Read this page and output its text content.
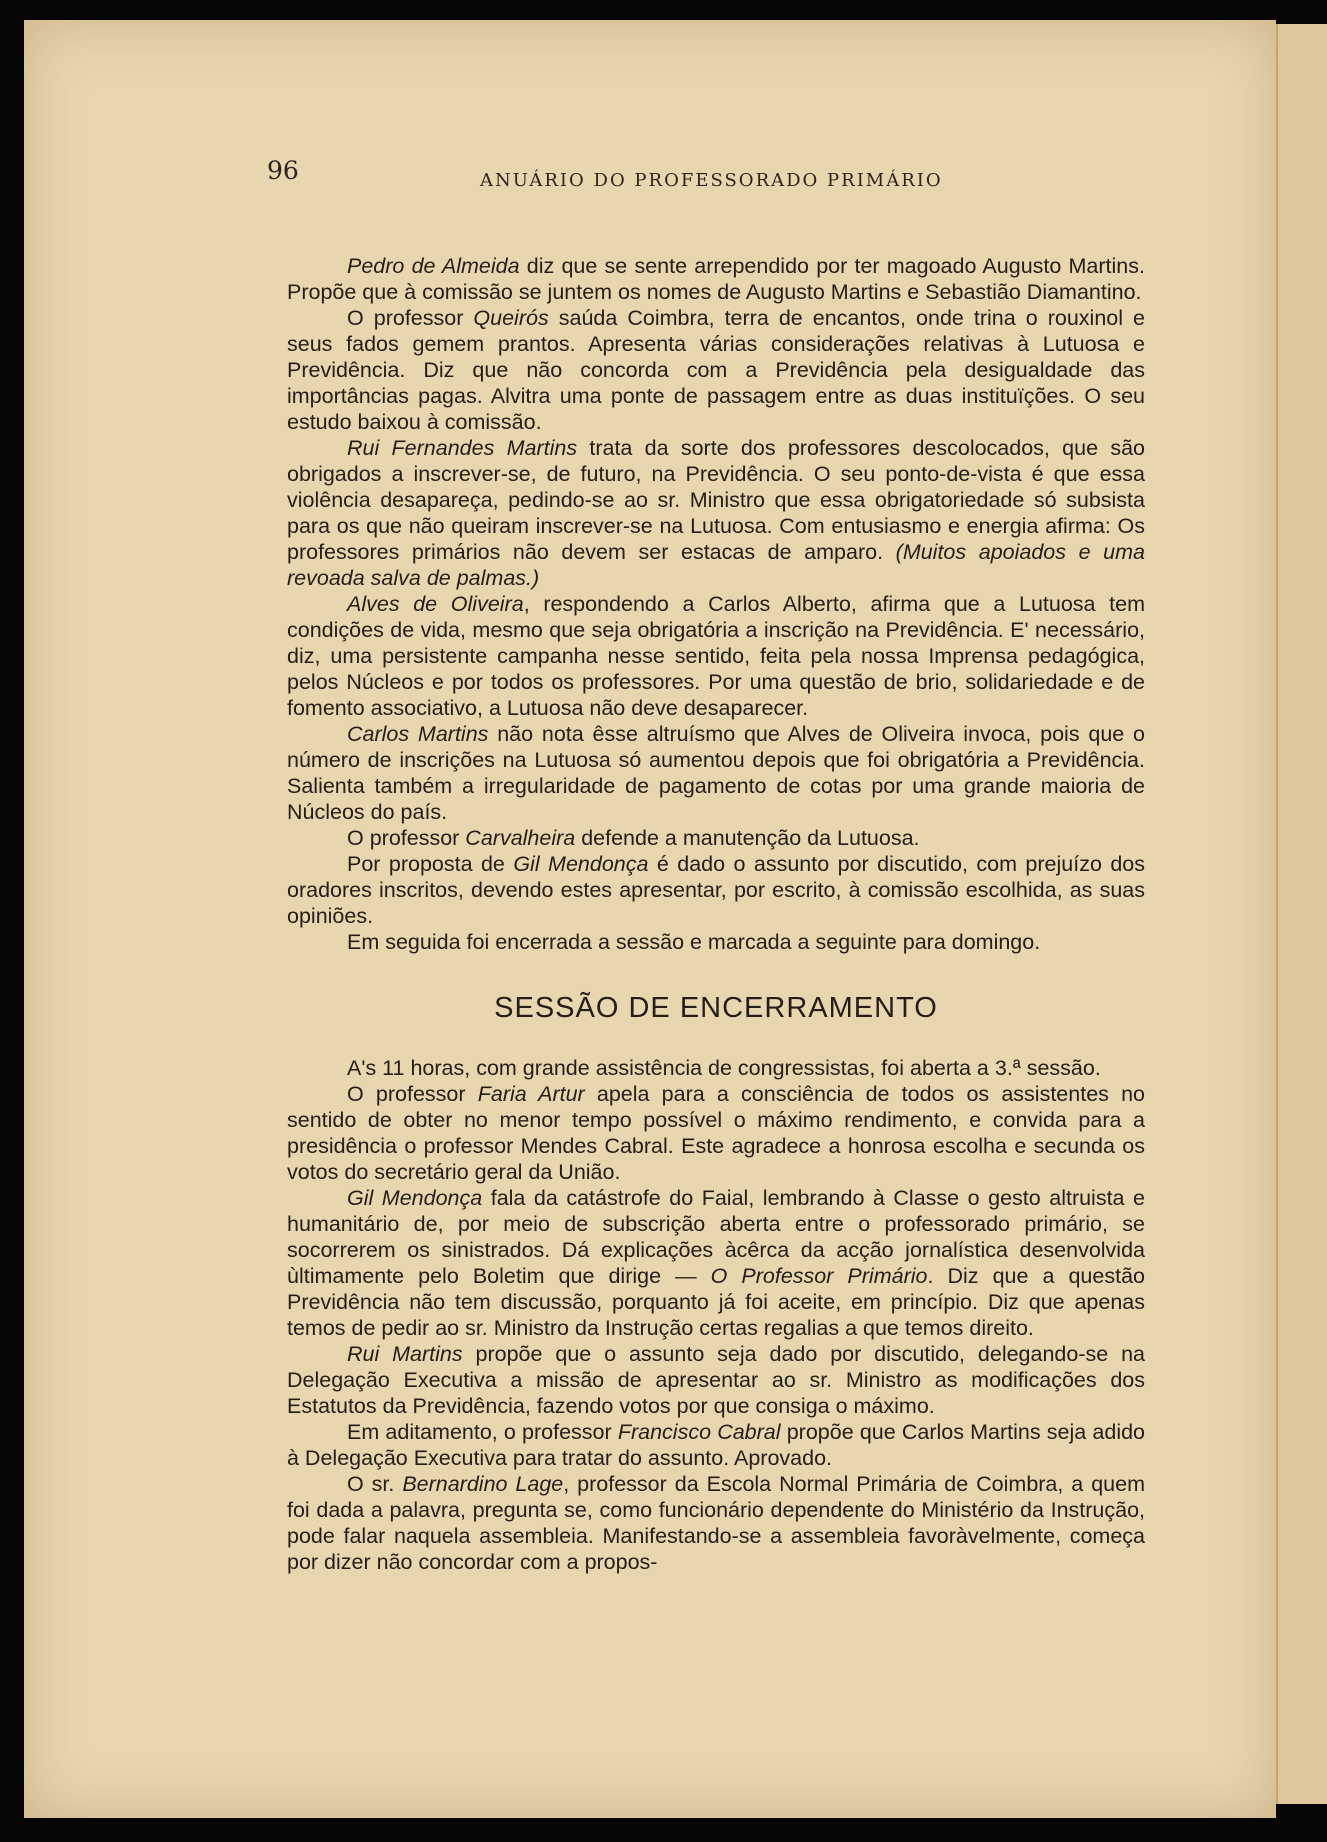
96	ANUÁRIO DO PROFESSORADO PRIMÁRIO

Pedro de Almeida diz que se sente arrependido por ter magoado Augusto Martins. Propõe que à comissão se juntem os nomes de Augusto Martins e Sebastião Diamantino.

O professor Queirós saúda Coimbra, terra de encantos, onde trina o rouxinol e seus fados gemem prantos. Apresenta várias considerações relativas à Lutuosa e Previdência. Diz que não concorda com a Previdência pela desigualdade das importâncias pagas. Alvitra uma ponte de passagem entre as duas instituïções. O seu estudo baixou à comissão.

Rui Fernandes Martins trata da sorte dos professores descolocados, que são obrigados a inscrever-se, de futuro, na Previdência. O seu ponto-de-vista é que essa violência desapareça, pedindo-se ao sr. Ministro que essa obrigatoriedade só subsista para os que não queiram inscrever-se na Lutuosa. Com entusiasmo e energia afirma: Os professores primários não devem ser estacas de amparo. (Muitos apoiados e uma revoada salva de palmas.)

Alves de Oliveira, respondendo a Carlos Alberto, afirma que a Lutuosa tem condições de vida, mesmo que seja obrigatória a inscrição na Previdência. E' necessário, diz, uma persistente campanha nesse sentido, feita pela nossa Imprensa pedagógica, pelos Núcleos e por todos os professores. Por uma questão de brio, solidariedade e de fomento associativo, a Lutuosa não deve desaparecer.

Carlos Martins não nota êsse altruísmo que Alves de Oliveira invoca, pois que o número de inscrições na Lutuosa só aumentou depois que foi obrigatória a Previdência. Salienta também a irregularidade de pagamento de cotas por uma grande maioria de Núcleos do país.

O professor Carvalheira defende a manutenção da Lutuosa.

Por proposta de Gil Mendonça é dado o assunto por discutido, com prejuízo dos oradores inscritos, devendo estes apresentar, por escrito, à comissão escolhida, as suas opiniões.

Em seguida foi encerrada a sessão e marcada a seguinte para domingo.

SESSÃO DE ENCERRAMENTO

A's 11 horas, com grande assistência de congressistas, foi aberta a 3.ª sessão.

O professor Faria Artur apela para a consciência de todos os assistentes no sentido de obter no menor tempo possível o máximo rendimento, e convida para a presidência o professor Mendes Cabral. Este agradece a honrosa escolha e secunda os votos do secretário geral da União.

Gil Mendonça fala da catástrofe do Faial, lembrando à Classe o gesto altruista e humanitário de, por meio de subscrição aberta entre o professorado primário, se socorrerem os sinistrados. Dá explicações àcêrca da acção jornalística desenvolvida ùltimamente pelo Boletim que dirige — O Professor Primário. Diz que a questão Previdência não tem discussão, porquanto já foi aceite, em princípio. Diz que apenas temos de pedir ao sr. Ministro da Instrução certas regalias a que temos direito.

Rui Martins propõe que o assunto seja dado por discutido, delegando-se na Delegação Executiva a missão de apresentar ao sr. Ministro as modificações dos Estatutos da Previdência, fazendo votos por que consiga o máximo.

Em aditamento, o professor Francisco Cabral propõe que Carlos Martins seja adido à Delegação Executiva para tratar do assunto. Aprovado.

O sr. Bernardino Lage, professor da Escola Normal Primária de Coimbra, a quem foi dada a palavra, pregunta se, como funcionário dependente do Ministério da Instrução, pode falar naquela assembleia. Manifestando-se a assembleia favoràvelmente, começa por dizer não concordar com a propos-
